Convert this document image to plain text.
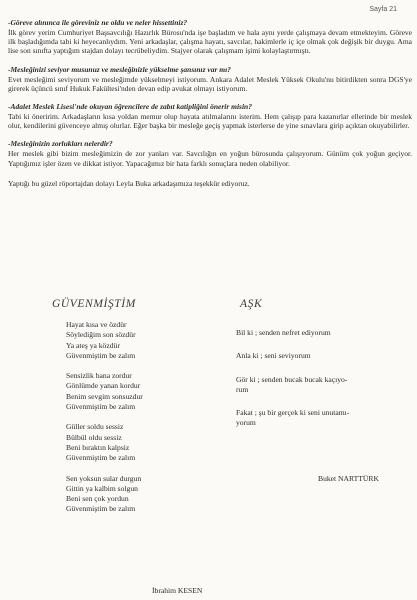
Sayfa 21

-Göreve alınınca ile göreviniz ne oldu ve neler hissettiniz?

İlk görev yerim Cumhuriyet Başsavcılığı Hazırlık Bürosu'nda işe başladım ve hala aynı yerde çalışmaya devam etmekteyim. Göreve ilk başladığımda tabi ki heyecanlıydım. Yeni arkadaşlar, çalışma hayatı, savcılar, hakimlerle iç içe olmak çok değişik bir duygu. Ama lise son sınıfta yaptığım stajdan dolayı tecrübeliydim. Stajyer olarak çalışmam işimi kolaylaştırmıştı.

-Mesleğinizi seviyor musunuz ve mesleğinizle yükselme şansınız var mı?

Evet mesleğimi seviyorum ve mesleğimde yükselmeyi istiyorum. Ankara Adalet Meslek Yüksek Okulu'nu bitirdikten sonra DGS'ye girerek üçüncü sınıf Hukuk Fakültesi'nden devan edip avukat olmayı istiyorum.

-Adalet Meslek Lisesi'nde okuyan öğrencilere de zabıt katipliğini önerir misin?

Tabi ki öneririm. Arkadaşların kısa yoldan memur olup hayata atılmalarını isterim. Hem çalışıp para kazanırlar ellerinde bir meslek olur, kendilerini güvenceye almış olurlar. Eğer başka bir mesleğe geçiş yapmak isterlerse de yine sınavlara girip açıktan okuyabilirler.

-Mesleğinizin zorlukları nelerdir?

Her meslek gibi bizim mesleğimizin de zor yanları var. Savcılığın en yoğun bürosunda çalışıyorum. Günüm çok yoğun geçiyor. Yaptığımız işler özen ve dikkat istiyor. Yapacağımız bir hata farklı sonuçlara neden olabiliyor.

Yaptığı bu güzel röportajdan dolayı Leyla Buka arkadaşımıza teşekkür ediyoruz.

GÜVENMİŞTİM	AŞK
Hayat kısa ve özdür
Söylediğim son sözdür
Ya ateş ya közdür
Güvenmiştim be zalım
Sensizlik bana zordur
Gönlümde yanan kordur
Benim sevgim sonsuzdur
Güvenmiştim be zalım
Güller soldu sessiz
Bülbül oldu sessiz
Beni bıraktın kalpsiz
Güvenmiştim be zalım
Sen yoksun sular durgun
Gittin ya kalbim solgun
Beni sen çok yordun
Güvenmiştim be zalım
Bil ki ; senden nefret ediyorum
Anla ki ; seni seviyorum
Gör ki ; senden bucak bucak kaçıyo-
rum
Fakat ; şu bir gerçek ki seni unutamı-
yorum
Buket NARTTÜRK
İbrahim KESEN
